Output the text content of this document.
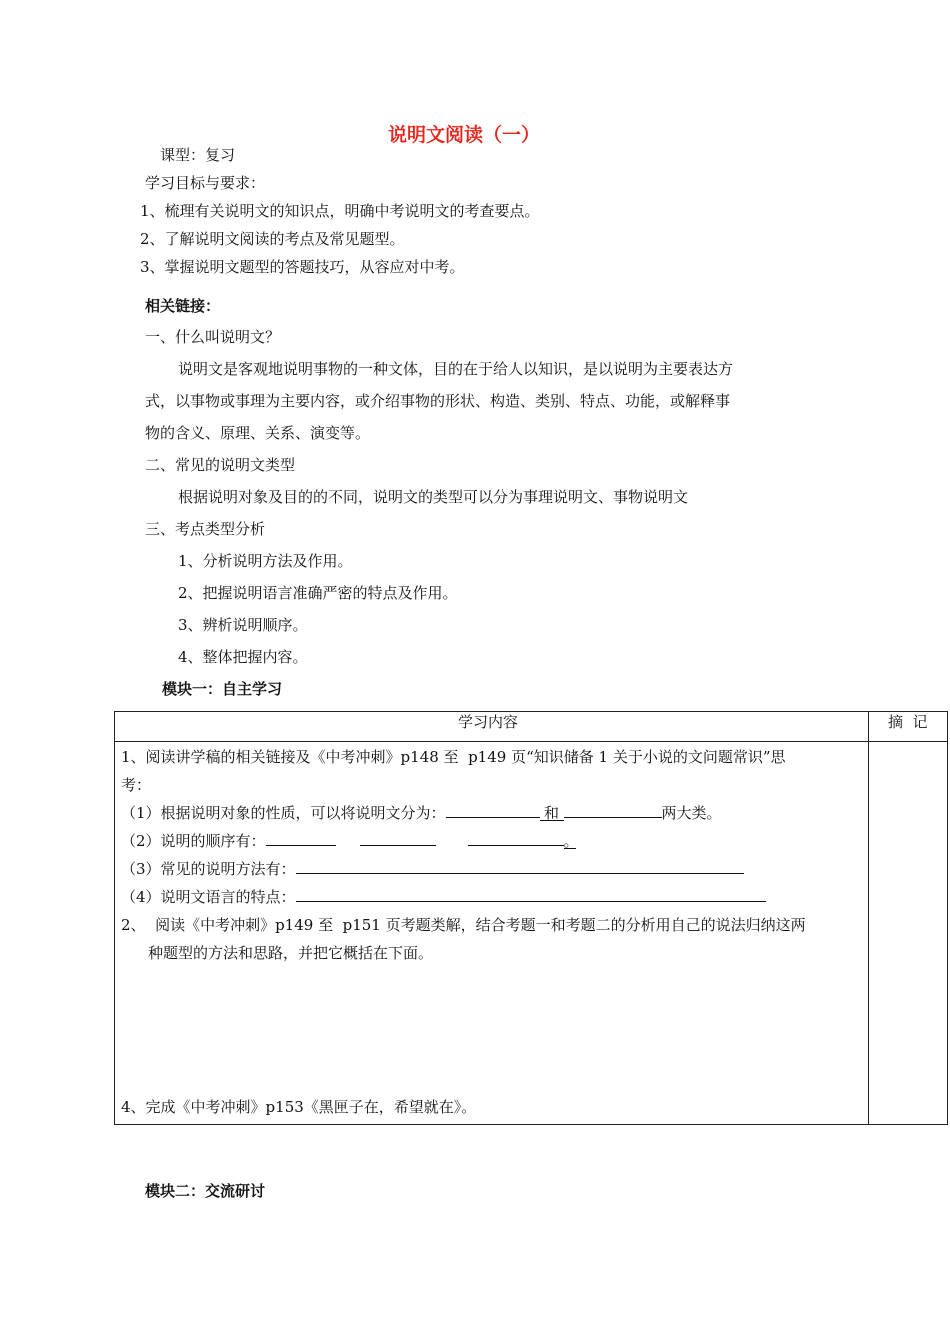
说明文阅读（一）
课型：复习
学习目标与要求：
1、梳理有关说明文的知识点，明确中考说明文的考查要点。
2、了解说明文阅读的考点及常见题型。
3、掌握说明文题型的答题技巧，从容应对中考。
相关链接：
一、什么叫说明文？
说明文是客观地说明事物的一种文体，目的在于给人以知识，是以说明为主要表达方
式，以事物或事理为主要内容，或介绍事物的形状、构造、类别、特点、功能，或解释事
物的含义、原理、关系、演变等。
二、常见的说明文类型
根据说明对象及目的的不同，说明文的类型可以分为事理说明文、事物说明文
三、考点类型分析
1、分析说明方法及作用。
2、把握说明语言准确严密的特点及作用。
3、辨析说明顺序。
4、整体把握内容。
模块一：自主学习
学习内容	摘  记
1、阅读讲学稿的相关链接及《中考冲刺》p148 至  p149 页“知识储备 1 关于小说的文问题常识”思
考：
（1）根据说明对象的性质，可以将说明文分为：	和	两大类。
（2）说明的顺序有：	。
（3）常见的说明方法有：
（4）说明文语言的特点：
2、  阅读《中考冲刺》p149 至  p151 页考题类解，结合考题一和考题二的分析用自己的说法归纳这两
种题型的方法和思路，并把它概括在下面。
4、完成《中考冲刺》p153《黑匣子在，希望就在》。
模块二：交流研讨
